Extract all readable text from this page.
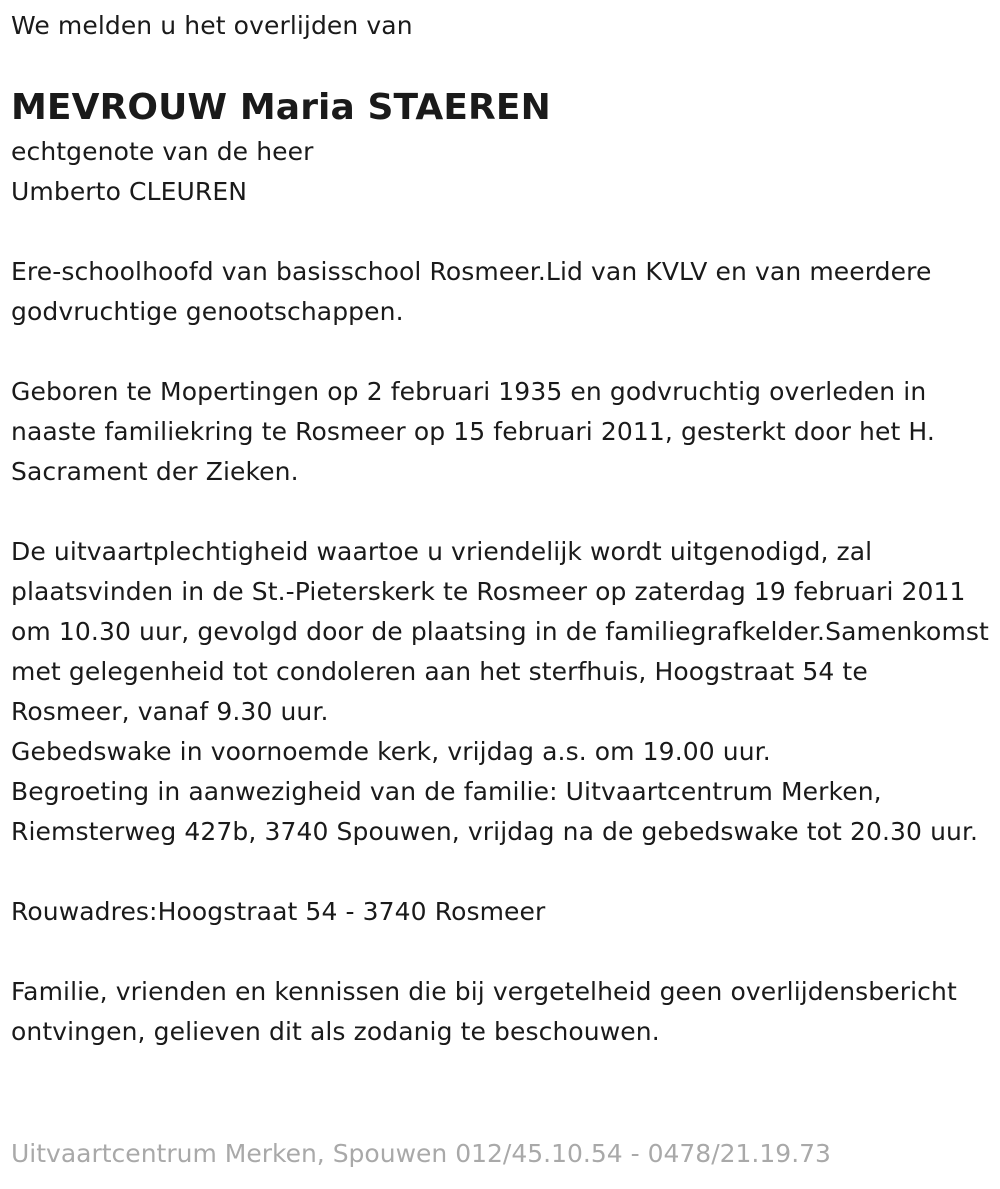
We melden u het overlijden van

MEVROUW Maria STAEREN

echtgenote van de heer

Umberto CLEUREN

Ere-schoolhoofd van basisschool Rosmeer.Lid van KVLV en van meerdere godvruchtige genootschappen.

Geboren te Mopertingen op 2 februari 1935 en godvruchtig overleden in naaste familiekring te Rosmeer op 15 februari 2011, gesterkt door het H. Sacrament der Zieken.

De uitvaartplechtigheid waartoe u vriendelijk wordt uitgenodigd, zal plaatsvinden in de St.-Pieterskerk te Rosmeer op zaterdag 19 februari 2011 om 10.30 uur, gevolgd door de plaatsing in de familiegrafkelder.Samenkomst met gelegenheid tot condoleren aan het sterfhuis, Hoogstraat 54 te Rosmeer, vanaf 9.30 uur.

Gebedswake in voornoemde kerk, vrijdag a.s. om 19.00 uur.

Begroeting in aanwezigheid van de familie: Uitvaartcentrum Merken, Riemsterweg 427b, 3740 Spouwen, vrijdag na de gebedswake tot 20.30 uur.

Rouwadres:Hoogstraat 54 - 3740 Rosmeer

Familie, vrienden en kennissen die bij vergetelheid geen overlijdensbericht ontvingen, gelieven dit als zodanig te beschouwen.

Uitvaartcentrum Merken, Spouwen 012/45.10.54 - 0478/21.19.73
